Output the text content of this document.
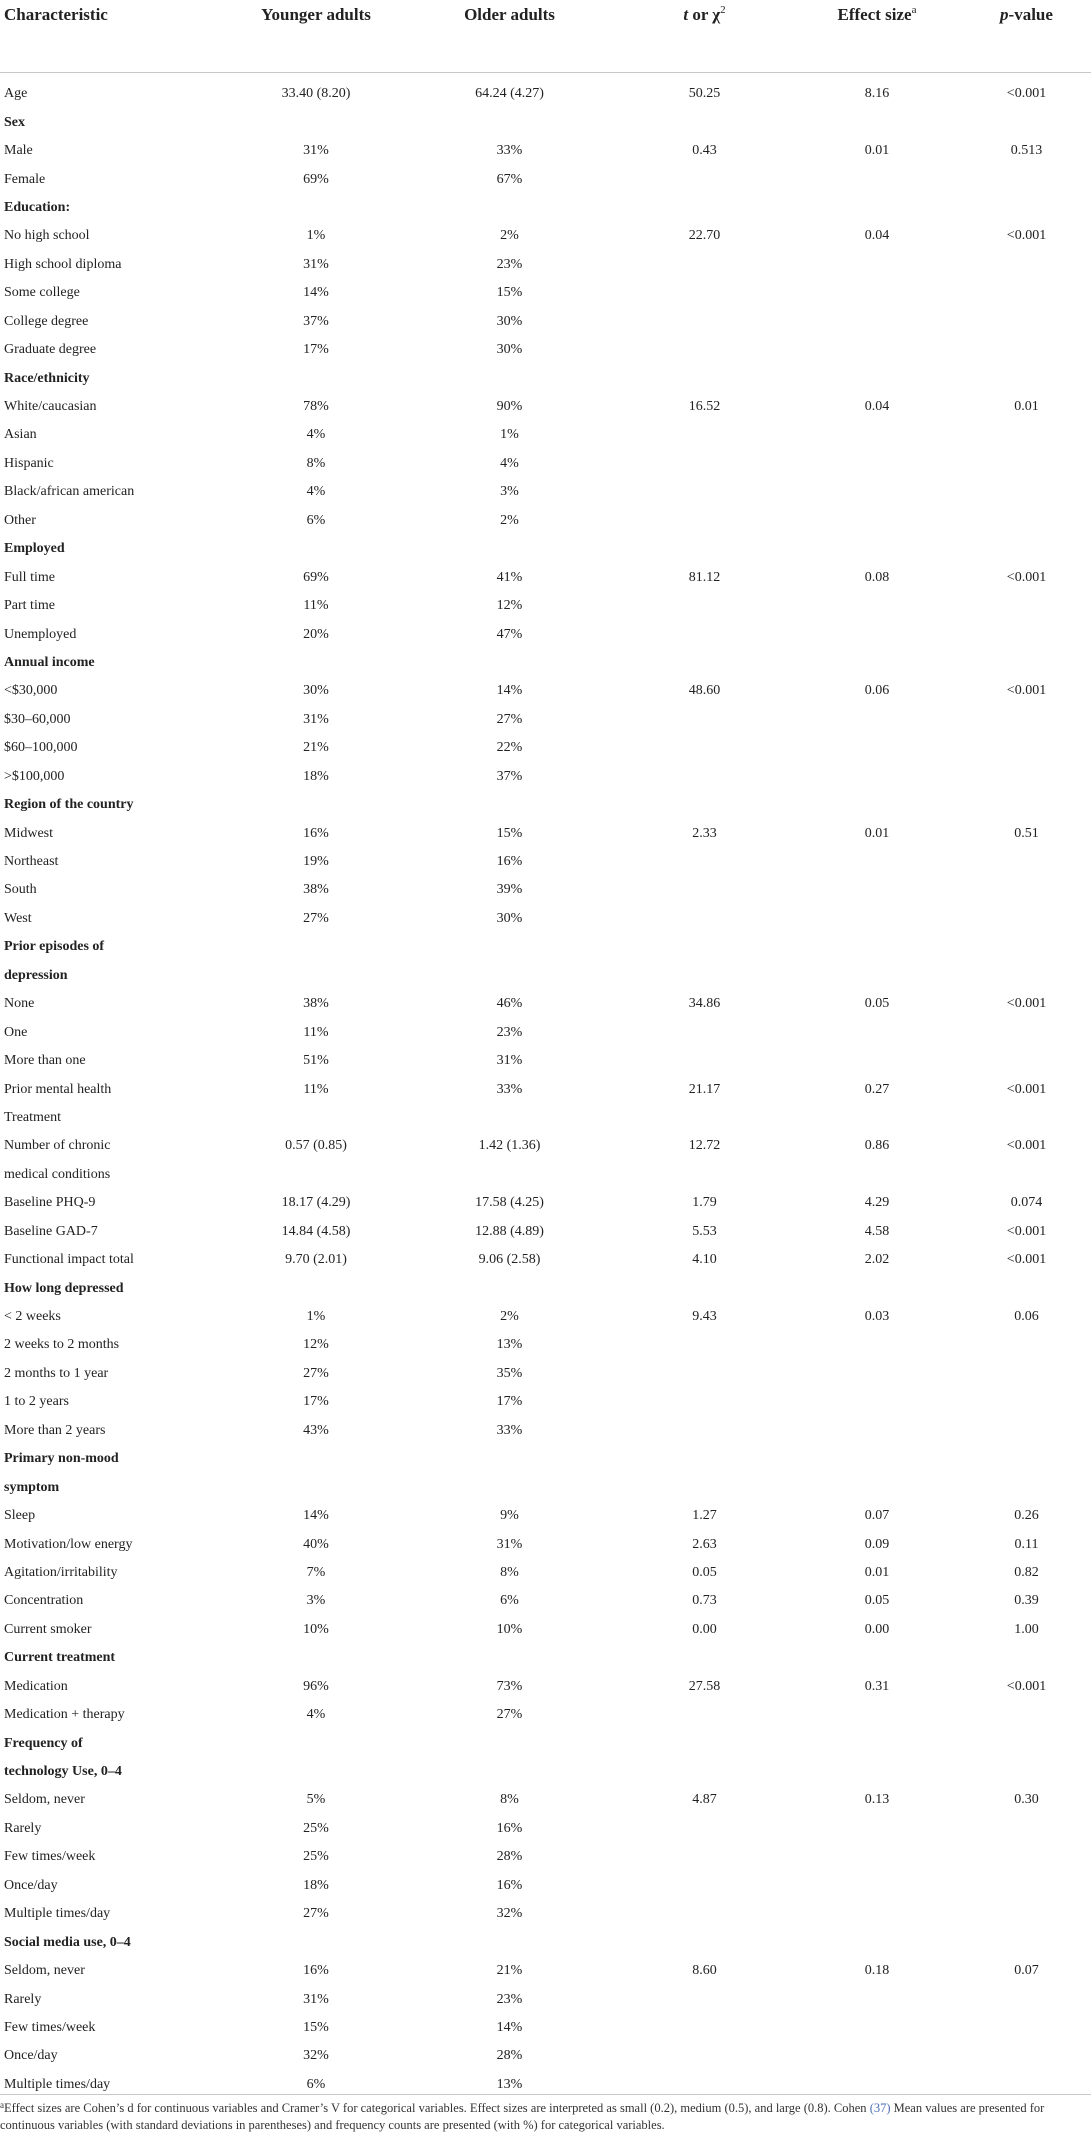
Characteristic	Younger adults	Older adults	t or $\chi^2$	Effect size$^a$	p-value

Age	33.40 (8.20)	64.24 (4.27)	50.25	8.16	<0.001
Sex					
Male	31%	33%	0.43	0.01	0.513
Female	69%	67%			
Education:					
No high school	1%	2%	22.70	0.04	<0.001
High school diploma	31%	23%			
Some college	14%	15%			
College degree	37%	30%			
Graduate degree	17%	30%			
Race/ethnicity					
White/caucasian	78%	90%	16.52	0.04	0.01
Asian	4%	1%			
Hispanic	8%	4%			
Black/african american	4%	3%			
Other	6%	2%			
Employed					
Full time	69%	41%	81.12	0.08	<0.001
Part time	11%	12%			
Unemployed	20%	47%			
Annual income					
<$30,000	30%	14%	48.60	0.06	<0.001
$30–60,000	31%	27%			
$60–100,000	21%	22%			
>$100,000	18%	37%			
Region of the country					
Midwest	16%	15%	2.33	0.01	0.51
Northeast	19%	16%			
South	38%	39%			
West	27%	30%			
Prior episodes of					
depression					
None	38%	46%	34.86	0.05	<0.001
One	11%	23%			
More than one	51%	31%			
Prior mental health	11%	33%	21.17	0.27	<0.001
Treatment					
Number of chronic	0.57 (0.85)	1.42 (1.36)	12.72	0.86	<0.001
medical conditions					
Baseline PHQ-9	18.17 (4.29)	17.58 (4.25)	1.79	4.29	0.074
Baseline GAD-7	14.84 (4.58)	12.88 (4.89)	5.53	4.58	<0.001
Functional impact total	9.70 (2.01)	9.06 (2.58)	4.10	2.02	<0.001
How long depressed					
< 2 weeks	1%	2%	9.43	0.03	0.06
2 weeks to 2 months	12%	13%			
2 months to 1 year	27%	35%			
1 to 2 years	17%	17%			
More than 2 years	43%	33%			
Primary non-mood					
symptom					
Sleep	14%	9%	1.27	0.07	0.26
Motivation/low energy	40%	31%	2.63	0.09	0.11
Agitation/irritability	7%	8%	0.05	0.01	0.82
Concentration	3%	6%	0.73	0.05	0.39
Current smoker	10%	10%	0.00	0.00	1.00
Current treatment					
Medication	96%	73%	27.58	0.31	<0.001
Medication + therapy	4%	27%			
Frequency of					
technology Use, 0–4					
Seldom, never	5%	8%	4.87	0.13	0.30
Rarely	25%	16%			
Few times/week	25%	28%			
Once/day	18%	16%			
Multiple times/day	27%	32%			
Social media use, 0–4					
Seldom, never	16%	21%	8.60	0.18	0.07
Rarely	31%	23%			
Few times/week	15%	14%			
Once/day	32%	28%			
Multiple times/day	6%	13%			
$^a$Effect sizes are Cohen’s d for continuous variables and Cramer’s V for categorical variables. Effect sizes are interpreted as small (0.2), medium (0.5), and large (0.8). Cohen (37) Mean values are presented for continuous variables (with standard deviations in parentheses) and frequency counts are presented (with %) for categorical variables.
